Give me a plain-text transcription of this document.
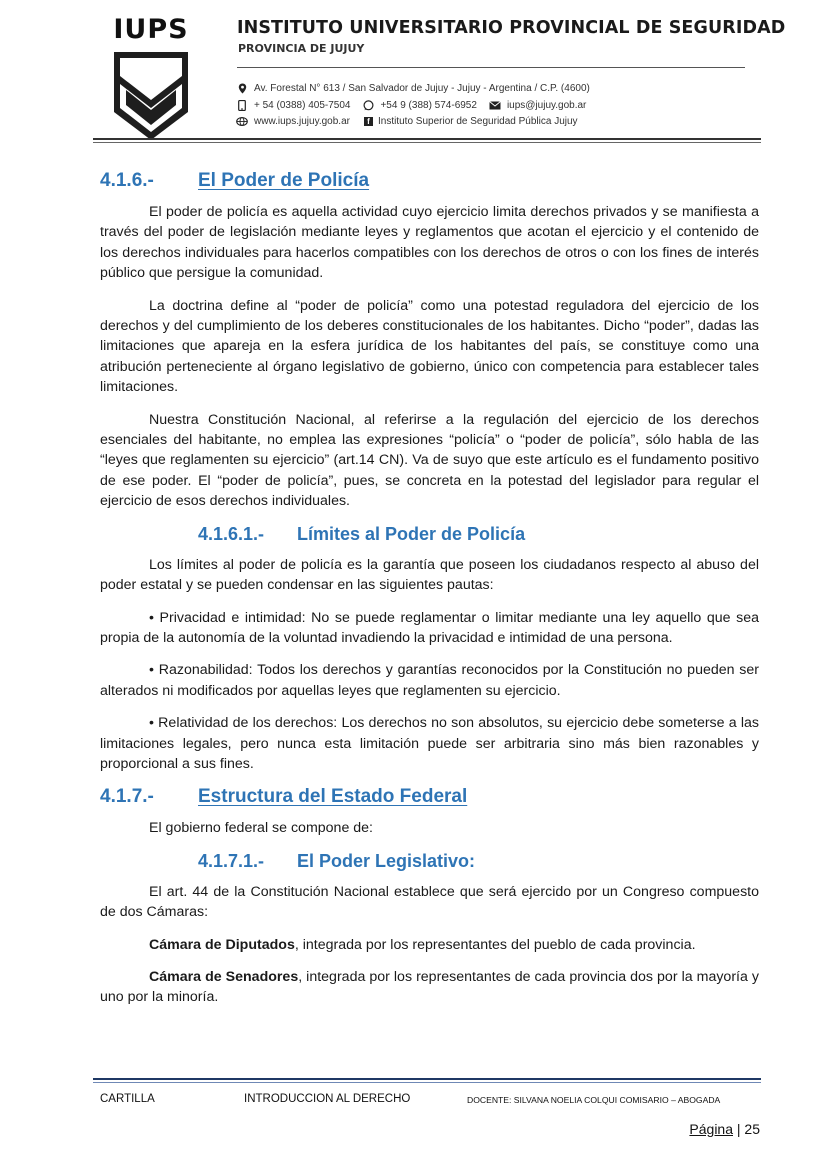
IUPS	INSTITUTO UNIVERSITARIO PROVINCIAL DE SEGURIDAD
PROVINCIA DE JUJUY
Av. Forestal N° 613 / San Salvador de Jujuy - Jujuy - Argentina / C.P. (4600)
+ 54 (0388) 405-7504	+54 9 (388) 574-6952	iups@jujuy.gob.ar
www.iups.jujuy.gob.ar	f Instituto Superior de Seguridad Pública Jujuy
4.1.6.-	El Poder de Policía

El poder de policía es aquella actividad cuyo ejercicio limita derechos privados y se manifiesta a través del poder de legislación mediante leyes y reglamentos que acotan el ejercicio y el contenido de los derechos individuales para hacerlos compatibles con los derechos de otros o con los fines de interés público que persigue la comunidad.

La doctrina define al “poder de policía” como una potestad reguladora del ejercicio de los derechos y del cumplimiento de los deberes constitucionales de los habitantes. Dicho “poder”, dadas las limitaciones que apareja en la esfera jurídica de los habitantes del país, se constituye como una atribución perteneciente al órgano legislativo de gobierno, único con competencia para establecer tales limitaciones.

Nuestra Constitución Nacional, al referirse a la regulación del ejercicio de los derechos esenciales del habitante, no emplea las expresiones “policía” o “poder de policía”, sólo habla de las “leyes que reglamenten su ejercicio” (art.14 CN). Va de suyo que este artículo es el fundamento positivo de ese poder. El “poder de policía”, pues, se concreta en la potestad del legislador para regular el ejercicio de esos derechos individuales.

4.1.6.1.-	Límites al Poder de Policía

Los límites al poder de policía es la garantía que poseen los ciudadanos respecto al abuso del poder estatal y se pueden condensar en las siguientes pautas:

• Privacidad e intimidad: No se puede reglamentar o limitar mediante una ley aquello que sea propia de la autonomía de la voluntad invadiendo la privacidad e intimidad de una persona.

• Razonabilidad: Todos los derechos y garantías reconocidos por la Constitución no pueden ser alterados ni modificados por aquellas leyes que reglamenten su ejercicio.

• Relatividad de los derechos: Los derechos no son absolutos, su ejercicio debe someterse a las limitaciones legales, pero nunca esta limitación puede ser arbitraria sino más bien razonables y proporcional a sus fines.

4.1.7.-	Estructura del Estado Federal

El gobierno federal se compone de:

4.1.7.1.-	El Poder Legislativo:

El art. 44 de la Constitución Nacional establece que será ejercido por un Congreso compuesto de dos Cámaras:

Cámara de Diputados, integrada por los representantes del pueblo de cada provincia.

Cámara de Senadores, integrada por los representantes de cada provincia dos por la mayoría y uno por la minoría.

CARTILLA	INTRODUCCION AL DERECHO	DOCENTE: SILVANA NOELIA COLQUI COMISARIO – ABOGADA
Página | 25
